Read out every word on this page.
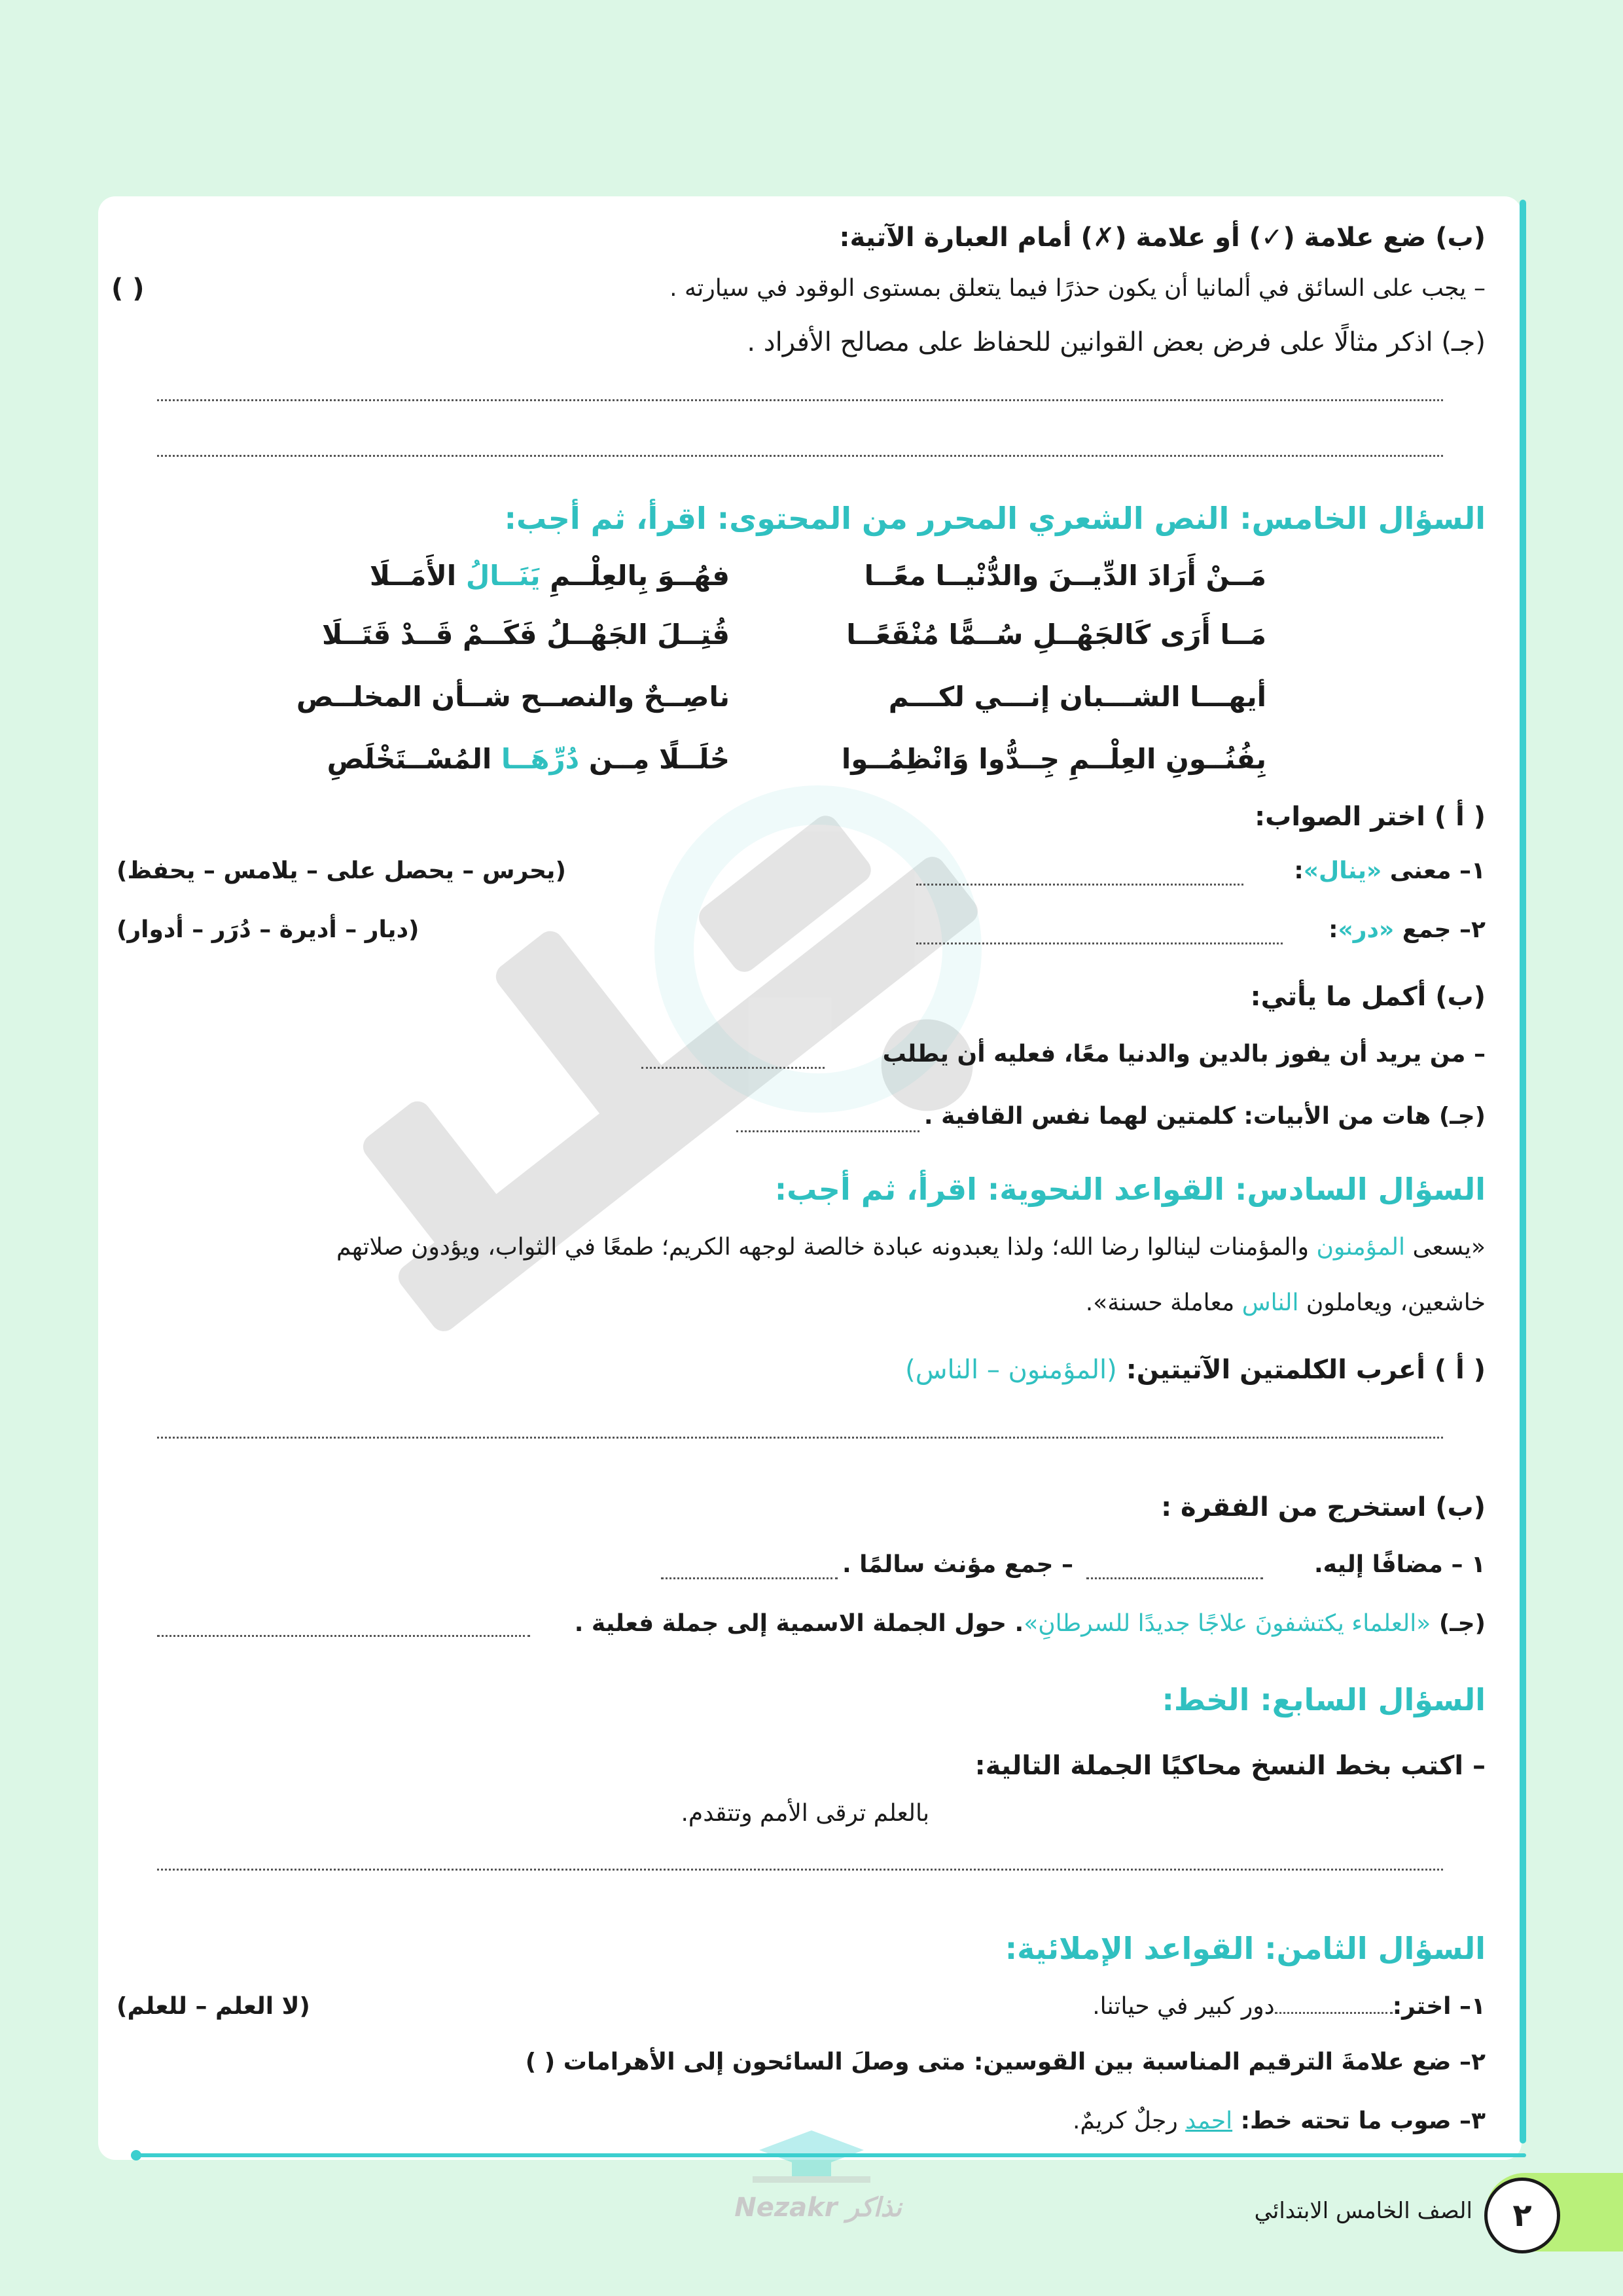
(ب) ضع علامة (✓) أو علامة (✗) أمام العبارة الآتية:
– يجب على السائق في ألمانيا أن يكون حذرًا فيما يتعلق بمستوى الوقود في سيارته .
( )
(جـ) اذكر مثالًا على فرض بعض القوانين للحفاظ على مصالح الأفراد .
السؤال الخامس: النص الشعري المحرر من المحتوى: اقرأ، ثم أجب:
مَــنْ أَرَادَ الدِّيــنَ والدُّنْيــا معًــا
فهُــوَ بِالعِلْــمِ يَنَــالُ الأَمَــلَا
مَــا أَرَى كَالجَهْــلِ سُــمًّا مُنْقَعًــا
قُتِــلَ الجَهْــلُ فَكَــمْ قَــدْ قَتَــلَا
أيهـــا الشـــبان إنـــي لكـــم
ناصِــحٌ والنصــح شــأن المخلــص
بِفُنُــونِ العِلْــمِ جِــدُّوا وَانْظِمُــوا
حُلَــلًا مِــن دُرِّهَــا المُسْــتَخْلَصِ
( أ ) اختر الصواب:
١– معنى «ينال»:
(يحرس – يحصل على – يلامس – يحفظ)
٢– جمع «در»:
(ديار – أديرة – دُرَر – أدوار)
(ب) أكمل ما يأتي:
– من يريد أن يفوز بالدين والدنيا معًا، فعليه أن يطلب
(جـ) هات من الأبيات: كلمتين لهما نفس القافية .
السؤال السادس: القواعد النحوية: اقرأ، ثم أجب:
«يسعى المؤمنون والمؤمنات لينالوا رضا الله؛ ولذا يعبدونه عبادة خالصة لوجهه الكريم؛ طمعًا في الثواب، ويؤدون صلاتهم
خاشعين، ويعاملون الناس معاملة حسنة».
( أ ) أعرب الكلمتين الآتيتين: (المؤمنون – الناس)
(ب) استخرج من الفقرة :
١ – مضافًا إليه.
– جمع مؤنث سالمًا .
(جـ) «العلماء يكتشفونَ علاجًا جديدًا للسرطانِ». حول الجملة الاسمية إلى جملة فعلية .
السؤال السابع: الخط:
– اكتب بخط النسخ محاكيًا الجملة التالية:
بالعلم ترقى الأمم وتتقدم.
السؤال الثامن: القواعد الإملائية:
١– اختر:دور كبير في حياتنا.
(لا العلم – للعلم)
٢– ضع علامةَ الترقيم المناسبة بين القوسين: متى وصلَ السائحون إلى الأهرامات ( )
٣– صوب ما تحته خط: احمد رجلٌ كريمٌ.
Nezakr نذاكر	٢
الصف الخامس الابتدائي
